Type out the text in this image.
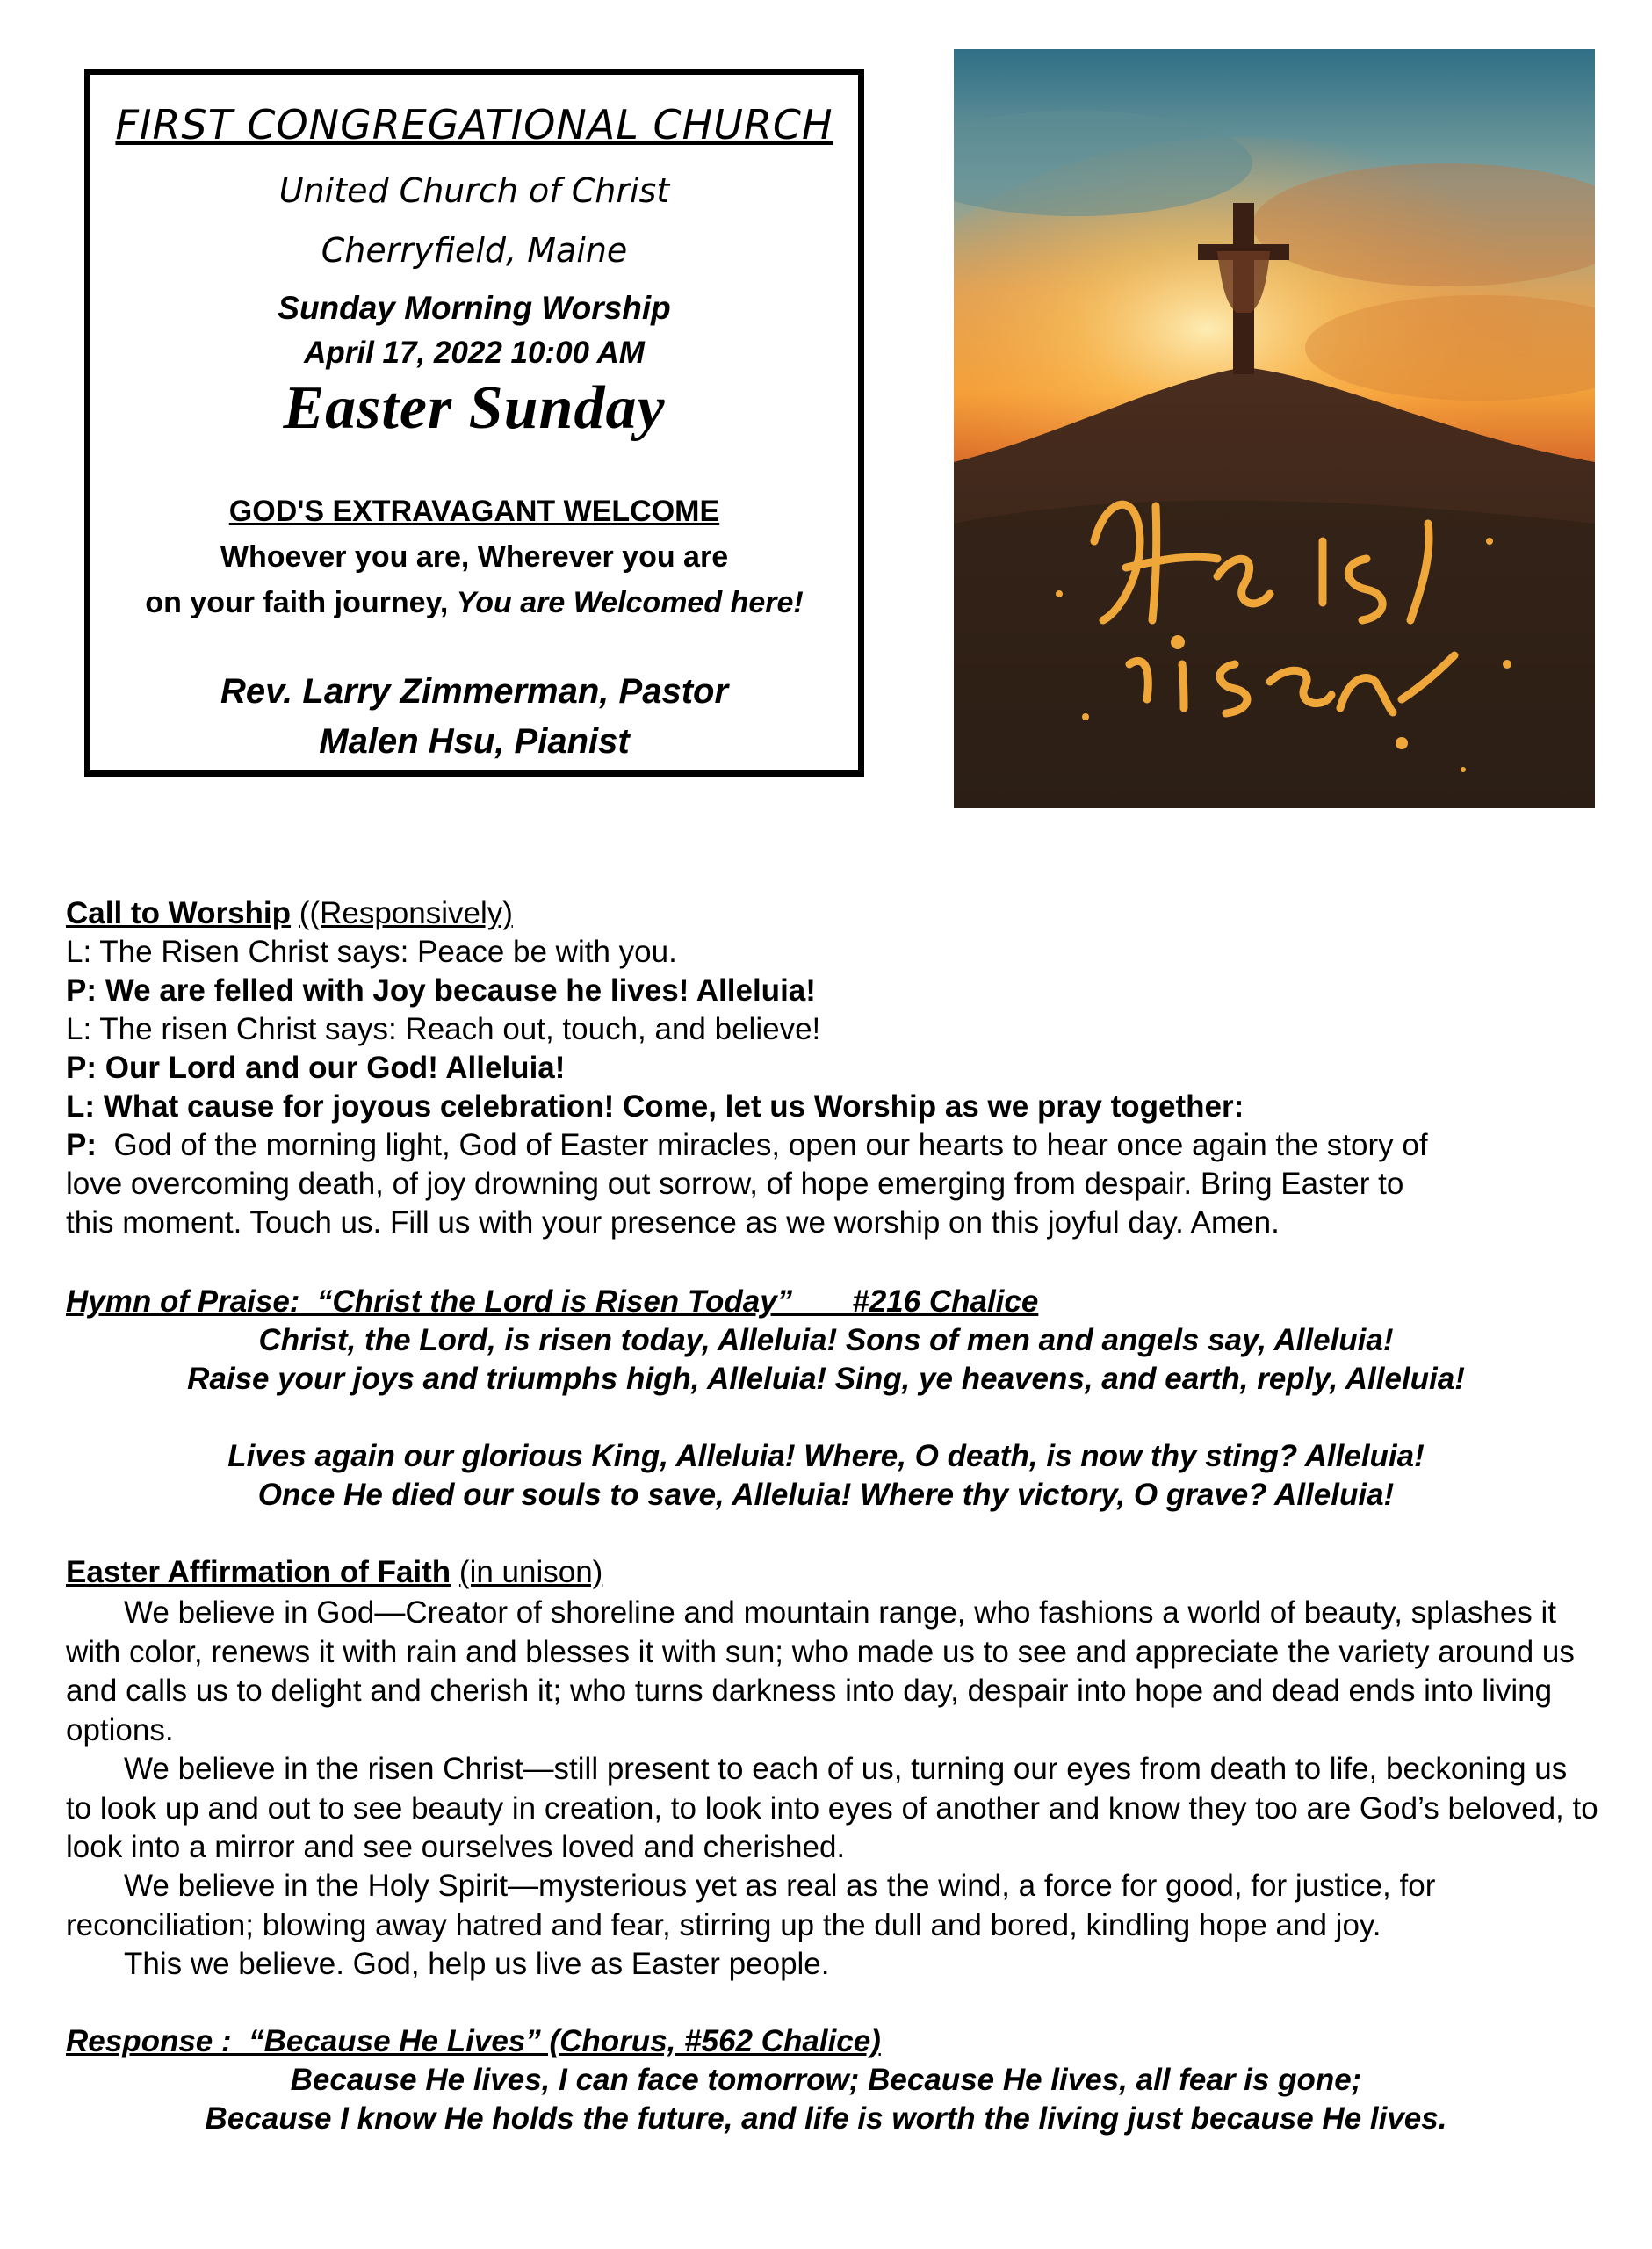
FIRST CONGREGATIONAL CHURCH
United Church of Christ
Cherryfield, Maine
Sunday Morning Worship
April 17, 2022 10:00 AM
Easter Sunday
GOD'S EXTRAVAGANT WELCOME
Whoever you are, Wherever you are
on your faith journey, You are Welcomed here!
Rev. Larry Zimmerman, Pastor
Malen Hsu, Pianist
Call to Worship ((Responsively)
L: The Risen Christ says: Peace be with you.
P: We are felled with Joy because he lives! Alleluia!
L: The risen Christ says: Reach out, touch, and believe!
P: Our Lord and our God! Alleluia!
L: What cause for joyous celebration! Come, let us Worship as we pray together:
P: God of the morning light, God of Easter miracles, open our hearts to hear once again the story of
love overcoming death, of joy drowning out sorrow, of hope emerging from despair. Bring Easter to
this moment. Touch us. Fill us with your presence as we worship on this joyful day. Amen.
Hymn of Praise:  “Christ the Lord is Risen Today”       #216 Chalice
Christ, the Lord, is risen today, Alleluia! Sons of men and angels say, Alleluia!
Raise your joys and triumphs high, Alleluia! Sing, ye heavens, and earth, reply, Alleluia!
Lives again our glorious King, Alleluia! Where, O death, is now thy sting? Alleluia!
Once He died our souls to save, Alleluia! Where thy victory, O grave? Alleluia!
Easter Affirmation of Faith (in unison)
We believe in God—Creator of shoreline and mountain range, who fashions a world of beauty, splashes it with color, renews it with rain and blesses it with sun; who made us to see and appreciate the variety around us and calls us to delight and cherish it; who turns darkness into day, despair into hope and dead ends into living options.
We believe in the risen Christ—still present to each of us, turning our eyes from death to life, beckoning us to look up and out to see beauty in creation, to look into eyes of another and know they too are God’s beloved, to look into a mirror and see ourselves loved and cherished.
We believe in the Holy Spirit—mysterious yet as real as the wind, a force for good, for justice, for reconciliation; blowing away hatred and fear, stirring up the dull and bored, kindling hope and joy.
This we believe. God, help us live as Easter people.
Response :  “Because He Lives” (Chorus, #562 Chalice)
Because He lives, I can face tomorrow; Because He lives, all fear is gone;
Because I know He holds the future, and life is worth the living just because He lives.
